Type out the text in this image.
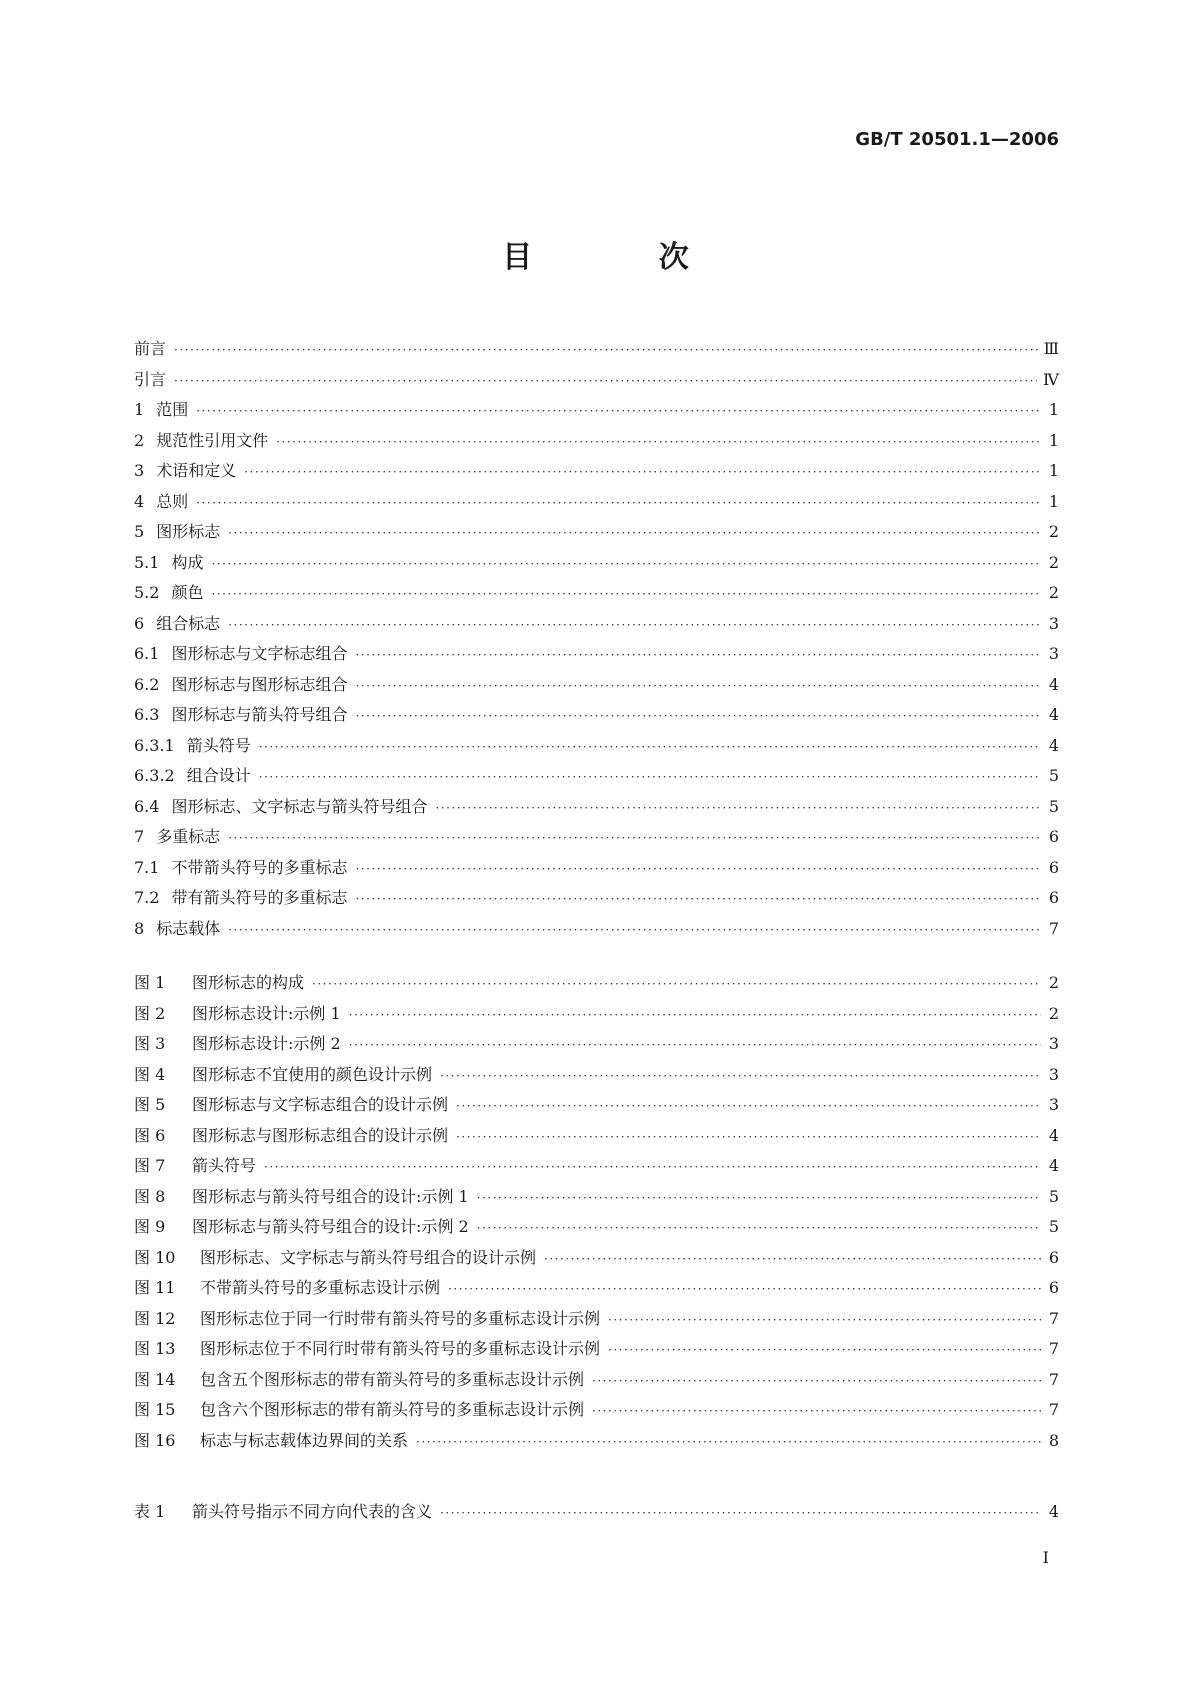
GB/T 20501.1—2006
目 次
前言 ·····	Ⅲ
引言 ·····	Ⅳ
1 范围 ·····	1
2 规范性引用文件 ·····	1
3 术语和定义 ·····	1
4 总则 ·····	1
5 图形标志 ·····	2
5.1 构成 ·····	2
5.2 颜色 ·····	2
6 组合标志 ·····	3
6.1 图形标志与文字标志组合 ·····	3
6.2 图形标志与图形标志组合 ·····	4
6.3 图形标志与箭头符号组合 ·····	4
6.3.1 箭头符号 ·····	4
6.3.2 组合设计 ·····	5
6.4 图形标志、文字标志与箭头符号组合 ·····	5
7 多重标志 ·····	6
7.1 不带箭头符号的多重标志 ·····	6
7.2 带有箭头符号的多重标志 ·····	6
8 标志载体 ·····	7
图 1 图形标志的构成 ·····	2
图 2 图形标志设计:示例 1 ·····	2
图 3 图形标志设计:示例 2 ·····	3
图 4 图形标志不宜使用的颜色设计示例 ·····	3
图 5 图形标志与文字标志组合的设计示例 ·····	3
图 6 图形标志与图形标志组合的设计示例 ·····	4
图 7 箭头符号 ·····	4
图 8 图形标志与箭头符号组合的设计:示例 1 ·····	5
图 9 图形标志与箭头符号组合的设计:示例 2 ·····	5
图 10 图形标志、文字标志与箭头符号组合的设计示例 ·····	6
图 11 不带箭头符号的多重标志设计示例 ·····	6
图 12 图形标志位于同一行时带有箭头符号的多重标志设计示例 ·····	7
图 13 图形标志位于不同行时带有箭头符号的多重标志设计示例 ·····	7
图 14 包含五个图形标志的带有箭头符号的多重标志设计示例 ·····	7
图 15 包含六个图形标志的带有箭头符号的多重标志设计示例 ·····	7
图 16 标志与标志载体边界间的关系 ·····	8
表 1 箭头符号指示不同方向代表的含义 ·····	4
Ⅰ
